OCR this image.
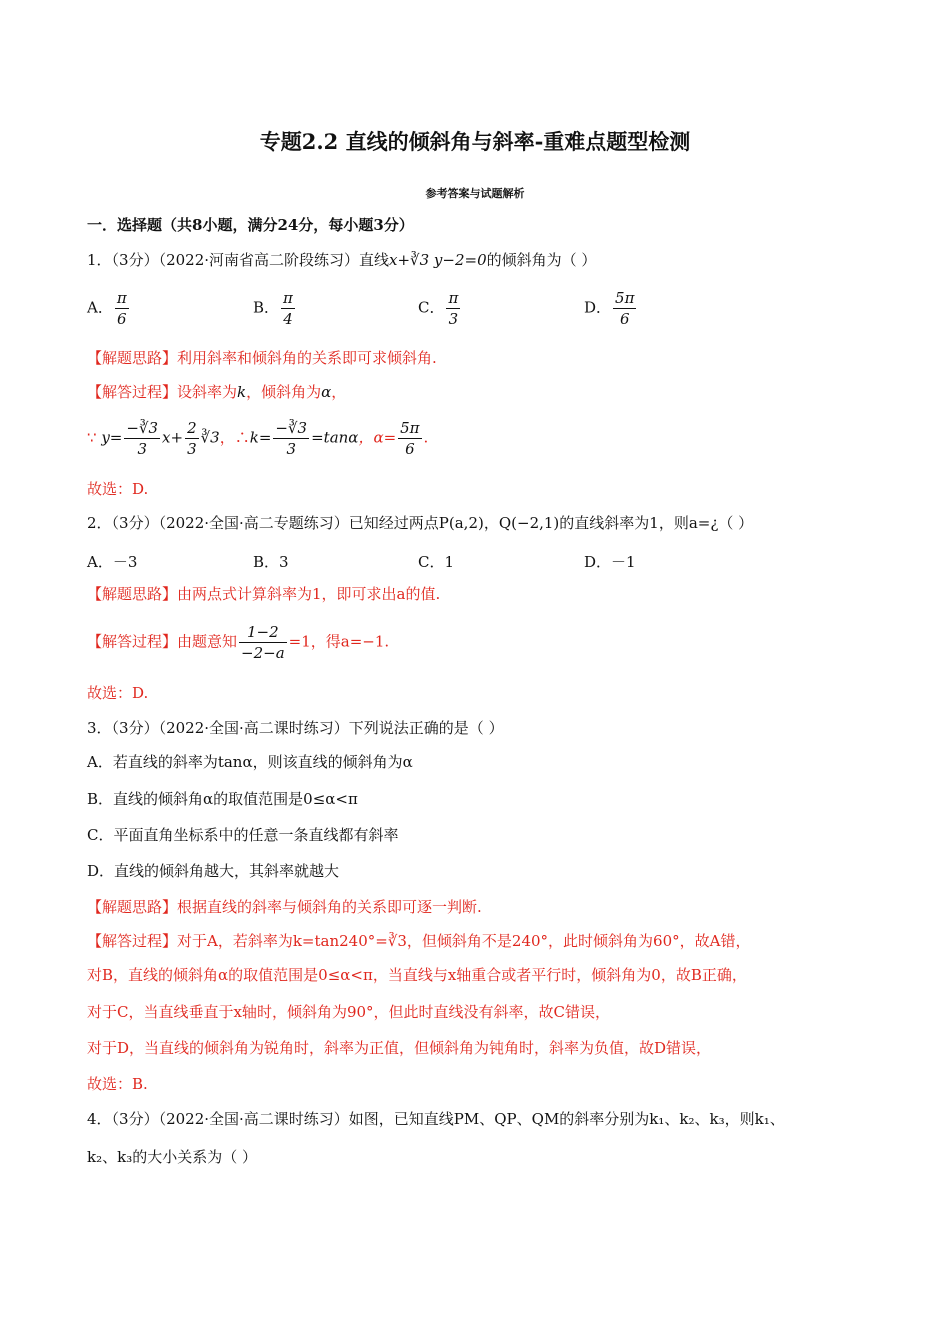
专题2.2 直线的倾斜角与斜率-重难点题型检测
参考答案与试题解析
一．选择题（共8小题，满分24分，每小题3分）
1．（3分）（2022·河南省高二阶段练习）直线x+∛3 y−2=0的倾斜角为（ ）
A． $\frac{\pi}{6}$	B． $\frac{\pi}{4}$	C． $\frac{\pi}{3}$	D． $\frac{5\pi}{6}$
【解题思路】利用斜率和倾斜角的关系即可求倾斜角.
【解答过程】设斜率为k，倾斜角为α，
∵ $y= \frac{-∛3}{3} x+ \frac{2}{3}$ ∛3，∴k= $\frac{-∛3}{3} =\tan\alpha$，$\alpha= \frac{5\pi}{6}$ .
故选：D.
2．（3分）（2022·全国·高二专题练习）已知经过两点P(a,2)，Q(−2,1)的直线斜率为1，则a=¿（ ）
A．－3	B．3	C．1	D．－1
【解题思路】由两点式计算斜率为1，即可求出a的值.
【解答过程】由题意知 $\frac{1-2}{-2-a} =1$，得a=−1.
故选：D.
3．（3分）（2022·全国·高二课时练习）下列说法正确的是（ ）
A．若直线的斜率为tanα，则该直线的倾斜角为α
B．直线的倾斜角α的取值范围是0≤α<π
C．平面直角坐标系中的任意一条直线都有斜率
D．直线的倾斜角越大，其斜率就越大
【解题思路】根据直线的斜率与倾斜角的关系即可逐一判断.
【解答过程】对于A，若斜率为k=tan240°=∛3，但倾斜角不是240°，此时倾斜角为60°，故A错，
对B，直线的倾斜角α的取值范围是0≤α<π，当直线与x轴重合或者平行时，倾斜角为0，故B正确，
对于C，当直线垂直于x轴时，倾斜角为90°，但此时直线没有斜率，故C错误，
对于D，当直线的倾斜角为锐角时，斜率为正值，但倾斜角为钝角时，斜率为负值，故D错误，
故选：B.
4．（3分）（2022·全国·高二课时练习）如图，已知直线PM、QP、QM的斜率分别为k₁、k₂、k₃，则k₁、
k₂、k₃的大小关系为（ ）
